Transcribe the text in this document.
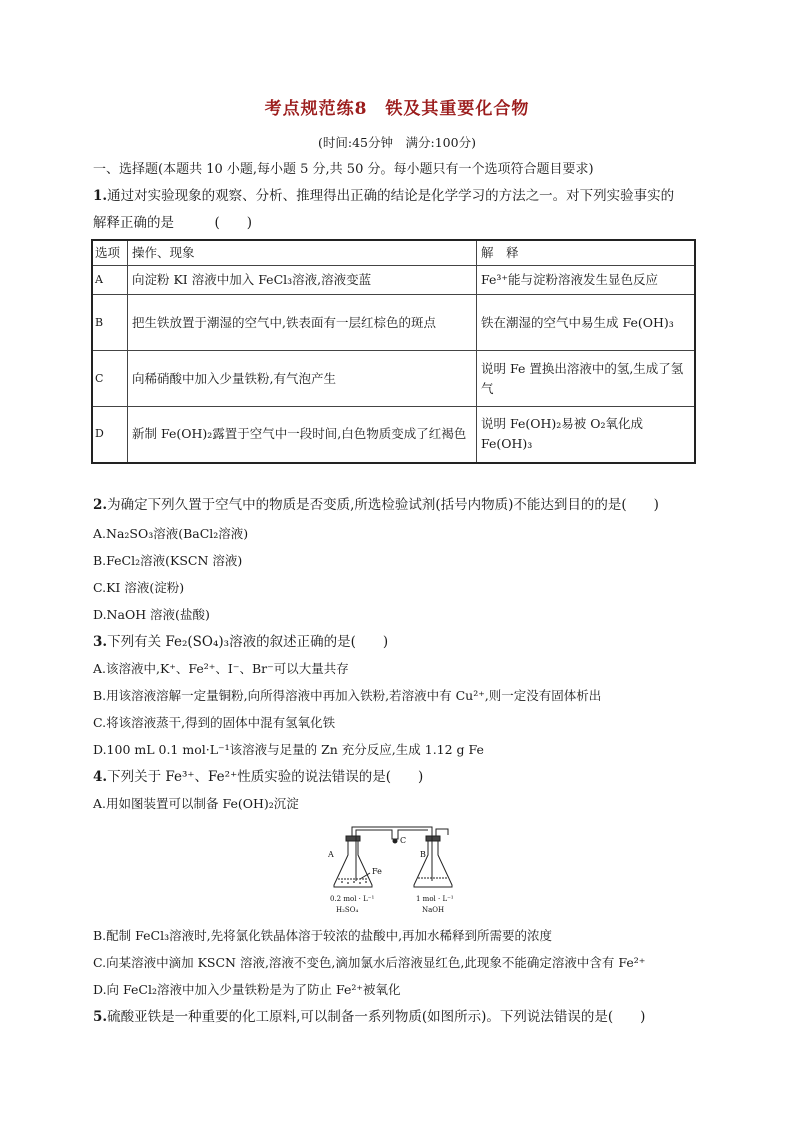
考点规范练8　铁及其重要化合物
(时间:45分钟　满分:100分)
一、选择题(本题共 10 小题,每小题 5 分,共 50 分。每小题只有一个选项符合题目要求)
1.通过对实验现象的观察、分析、推理得出正确的结论是化学学习的方法之一。对下列实验事实的
解释正确的是　　　(　　)
选项	操作、现象	解　释
A	向淀粉 KI 溶液中加入 FeCl₃溶液,溶液变蓝	Fe³⁺能与淀粉溶液发生显色反应
B	把生铁放置于潮湿的空气中,铁表面有一层红棕色的斑点	铁在潮湿的空气中易生成 Fe(OH)₃
C	向稀硝酸中加入少量铁粉,有气泡产生	说明 Fe 置换出溶液中的氢,生成了氢气
D	新制 Fe(OH)₂露置于空气中一段时间,白色物质变成了红褐色	说明 Fe(OH)₂易被 O₂氧化成 Fe(OH)₃
2.为确定下列久置于空气中的物质是否变质,所选检验试剂(括号内物质)不能达到目的的是(　　)
A.Na₂SO₃溶液(BaCl₂溶液)
B.FeCl₂溶液(KSCN 溶液)
C.KI 溶液(淀粉)
D.NaOH 溶液(盐酸)
3.下列有关 Fe₂(SO₄)₃溶液的叙述正确的是(　　)
A.该溶液中,K⁺、Fe²⁺、I⁻、Br⁻可以大量共存
B.用该溶液溶解一定量铜粉,向所得溶液中再加入铁粉,若溶液中有 Cu²⁺,则一定没有固体析出
C.将该溶液蒸干,得到的固体中混有氢氧化铁
D.100 mL 0.1 mol·L⁻¹该溶液与足量的 Zn 充分反应,生成 1.12 g Fe
4.下列关于 Fe³⁺、Fe²⁺性质实验的说法错误的是(　　)
A.用如图装置可以制备 Fe(OH)₂沉淀
A	B
C
Fe
0.2 mol · L⁻¹
H₂SO₄
1 mol · L⁻¹
NaOH
B.配制 FeCl₃溶液时,先将氯化铁晶体溶于较浓的盐酸中,再加水稀释到所需要的浓度
C.向某溶液中滴加 KSCN 溶液,溶液不变色,滴加氯水后溶液显红色,此现象不能确定溶液中含有 Fe²⁺
D.向 FeCl₂溶液中加入少量铁粉是为了防止 Fe²⁺被氧化
5.硫酸亚铁是一种重要的化工原料,可以制备一系列物质(如图所示)。下列说法错误的是(　　)
